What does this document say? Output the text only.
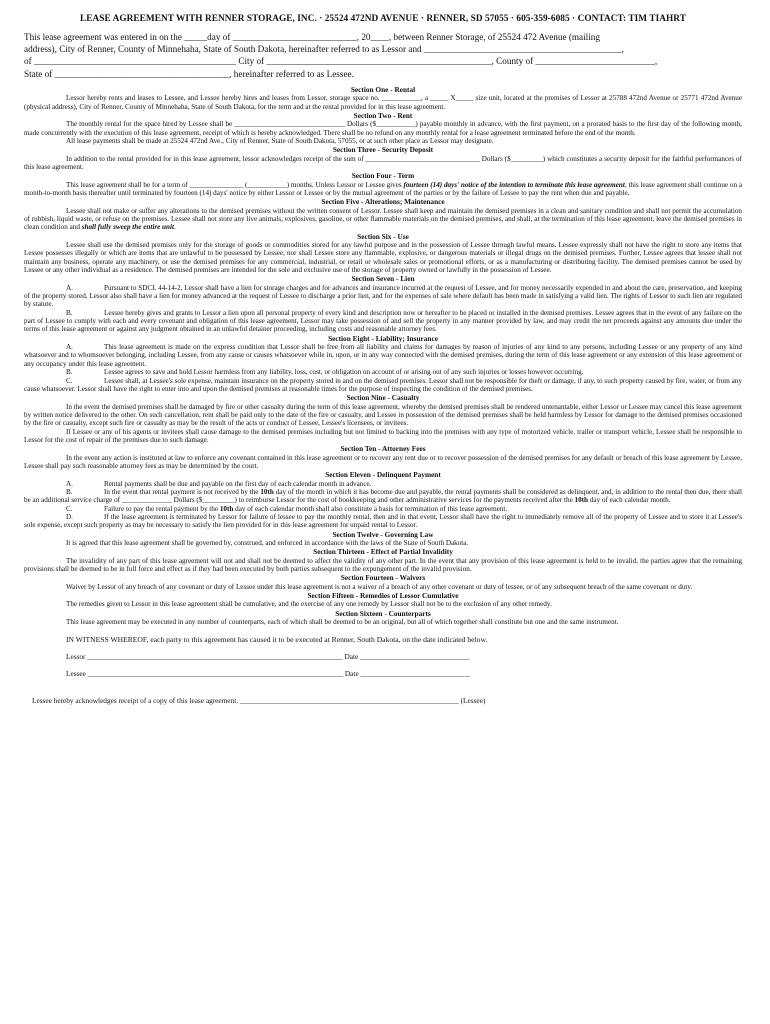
LEASE AGREEMENT WITH RENNER STORAGE, INC. · 25524 472ND AVENUE · RENNER, SD 57055 · 605-359-6085 · CONTACT: TIM TIAHRT

This lease agreement was entered in on the _____day of ___________________________, 20____, between Renner Storage, of 25524 472 Avenue (mailing

address), City of Renner, County of Minnehaha, State of South Dakota, hereinafter referred to as Lessor and ___________________________________________,

of ____________________________________________ City of _________________________________________________, County of __________________________,

State of ______________________________________, hereinafter referred to as Lessee.

Section One - Rental

Lessor hereby rents and leases to Lessee, and Lessee hereby hires and leases from Lessor, storage space no. ___________, a _____ X_____ size unit, located at the premises of Lessor at 25788 472nd Avenue or 25771 472nd Avenue (physical address), City of Renner, County of Minnehaha, State of South Dakota, for the term and at the rental provided for in this lease agreement.

Section Two - Rent

The monthly rental for the space hired by Lessee shall be _______________________________ Dollars ($___________) payable monthly in advance, with the first payment, on a prorated basis to the first day of the following month, made concurrently with the execution of this lease agreement, receipt of which is hereby acknowledged. There shall be no refund on any monthly rental for a lease agreement terminated before the end of the month.

All lease payments shall be made at 25524 472nd Ave., City of Renner, State of South Dakota, 57055, or at such other place as Lessor may designate.

Section Three - Security Deposit

In addition to the rental provided for in this lease agreement, lessor acknowledges receipt of the sum of ________________________________ Dollars ($_________) which constitutes a security deposit for the faithful performances of this lease agreement.

Section Four - Term

This lease agreement shall be for a term of _______________ (___________) months. Unless Lessor or Lessee gives fourteen (14) days' notice of the intention to terminate this lease agreement, this lease agreement shall continue on a month-to-month basis thereafter until terminated by fourteen (14) days' notice by either Lessor or Lessee or by the mutual agreement of the parties or by the failure of Lessee to pay the rent when due and payable.

Section Five - Alterations; Maintenance

Lessee shall not make or suffer any alterations to the demised premises without the written consent of Lessor. Lessee shall keep and maintain the demised premises in a clean and sanitary condition and shall not permit the accumulation of rubbish, liquid waste, or refuse on the premises. Lessee shall not store any live animals, explosives, gasoline, or other flammable materials on the demised premises, and shall, at the termination of this lease agreement, leave the demised premises in clean condition and shall fully sweep the entire unit.

Section Six - Use

Lessee shall use the demised premises only for the storage of goods or commodities stored for any lawful purpose and in the possession of Lessee through lawful means. Lessee expressly shall not have the right to store any items that Lessee possesses illegally or which are items that are unlawful to be possessed by Lessee, nor shall Lessee store any flammable, explosive, or dangerous materials or illegal drugs on the demised premises. Further, Lessee agrees that lessee shall not maintain any business, operate any machinery, or use the demised premises for any commercial, industrial, or retail or wholesale sales or promotional efforts, or as a manufacturing or distributing facility. The demised premises cannot be used by Lessee or any other individual as a residence. The demised premises are intended for the sole and exclusive use of the storage of property owned or lawfully in the possession of Lessee.

Section Seven - Lien

A.	Pursuant to SDCL 44-14-2, Lessor shall have a lien for storage charges and for advances and insurance incurred at the request of Lessee, and for money necessarily expended in and about the care, preservation, and keeping of the property stored. Lessor also shall have a lien for money advanced at the request of Lessee to discharge a prior lien, and for the expenses of sale where default has been made in satisfying a valid lien. The rights of Lessor to such lien are regulated by statute.

B.	Lessee hereby gives and grants to Lessor a lien upon all personal property of every kind and description now or hereafter to be placed or installed in the demised premises. Lessee agrees that in the event of any failure on the part of Lessee to comply with each and every covenant and obligation of this lease agreement, Lessor may take possession of and sell the property in any manner provided by law, and may credit the net proceeds against any amounts due under the terms of this lease agreement or against any judgment obtained in an unlawful detainer proceeding, including costs and reasonable attorney fees.

Section Eight - Liability; Insurance

A.	This lease agreement is made on the express condition that Lessor shall be free from all liability and claims for damages by reason of injuries of any kind to any persons, including Lessee or any property of any kind whatsoever and to whomsoever belonging, including Lessee, from any cause or causes whatsoever while in, upon, or in any way connected with the demised premises, during the term of this lease agreement or any extension of this lease agreement or any occupancy under this lease agreement.

B.	Lessee agrees to save and hold Lessor harmless from any liability, loss, cost, or obligation on account of or arising out of any such injuries or losses however occurring.

C.	Lessee shall, at Lessee's sole expense, maintain insurance on the property stored in and on the demised premises. Lessor shall not be responsible for theft or damage, if any, to such property caused by fire, water, or from any cause whatsoever. Lessor shall have the right to enter into and upon the demised premises at reasonable times for the purpose of inspecting the condition of the demised premises.

Section Nine - Casualty

In the event the demised premises shall be damaged by fire or other casualty during the term of this lease agreement, whereby the demised premises shall be rendered untenantable, either Lessor or Lessee may cancel this lease agreement by written notice delivered to the other. On such cancellation, rent shall be paid only to the date of the fire or casualty, and Lessee in possession of the demised premises shall be held harmless by Lessor for damage to the demised premises occasioned by the fire or casualty, except such fire or casualty as may be the result of the acts or conduct of Lessee, Lessee's licensees, or invitees.

If Lessee or any of his agents or invitees shall cause damage to the demised premises including but not limited to backing into the premises with any type of motorized vehicle, trailer or transport vehicle, Lessee shall be responsible to Lessor for the cost of repair of the premises due to such damage.

Section Ten - Attorney Fees

In the event any action is instituted at law to enforce any covenant contained in this lease agreement or to recover any rent due or to recover possession of the demised premises for any default or breach of this lease agreement by Lessee, Lessee shall pay such reasonable attorney fees as may be determined by the court.

Section Eleven - Delinquent Payment

A.	Rental payments shall be due and payable on the first day of each calendar month in advance.

B.	In the event that rental payment is not received by the 10th day of the month in which it has become due and payable, the rental payments shall be considered as delinquent, and, in addition to the rental then due, there shall be an additional service charge of ______________ Dollars ($_________) to reimburse Lessor for the cost of bookkeeping and other administrative services for the payments received after the 10th day of each calendar month.

C.	Failure to pay the rental payment by the 10th day of each calendar month shall also constitute a basis for termination of this lease agreement.

D.	If the lease agreement is terminated by Lessor for failure of lessee to pay the monthly rental, then and in that event, Lessor shall have the right to immediately remove all of the property of Lessee and to store it at Lessee's sole expense, except such property as may be necessary to satisfy the lien provided for in this lease agreement for unpaid rental to Lessor.

Section Twelve - Governing Law

It is agreed that this lease agreement shall be governed by, construed, and enforced in accordance with the laws of the State of South Dakota.

Section Thirteen - Effect of Partial Invalidity

The invalidity of any part of this lease agreement will not and shall not be deemed to affect the validity of any other part. In the event that any provision of this lease agreement is held to be invalid, the parties agree that the remaining provisions shall be deemed to be in full force and effect as if they had been executed by both parties subsequent to the expungement of the invalid provision.

Section Fourteen - Waivers

Waiver by Lessor of any breach of any covenant or duty of Lessee under this lease agreement is not a waiver of a breach of any other covenant or duty of lessee, or of any subsequent breach of the same covenant or duty.

Section Fifteen - Remedies of Lessor Cumulative

The remedies given to Lessor in this lease agreement shall be cumulative, and the exercise of any one remedy by Lessor shall not be to the exclusion of any other remedy.

Section Sixteen - Counterparts

This lease agreement may be executed in any number of counterparts, each of which shall be deemed to be an original, but all of which together shall constitute but one and the same instrument.

IN WITNESS WHEREOF, each party to this agreement has caused it to be executed at Renner, South Dakota, on the date indicated below.
Lessor ______________________________________________________________________ Date ______________________________
Lessee ______________________________________________________________________ Date ______________________________
Lessee hereby acknowledges receipt of a copy of this lease agreement. ____________________________________________________________ (Lessee)
